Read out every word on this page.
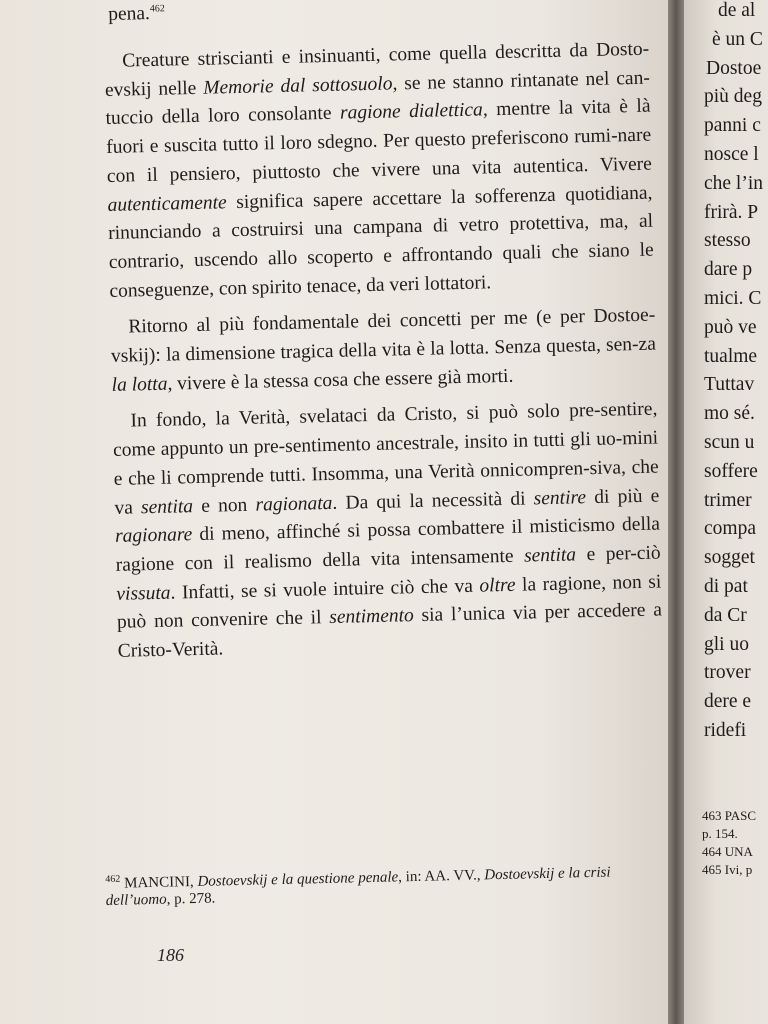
pena.$^{462}$

Creature striscianti e insinuanti, come quella descritta da Dosto-evskij nelle Memorie dal sottosuolo, se ne stanno rintanate nel can-tuccio della loro consolante ragione dialettica, mentre la vita è là fuori e suscita tutto il loro sdegno. Per questo preferiscono rumi-nare con il pensiero, piuttosto che vivere una vita autentica. Vivere autenticamente significa sapere accettare la sofferenza quotidiana, rinunciando a costruirsi una campana di vetro protettiva, ma, al contrario, uscendo allo scoperto e affrontando quali che siano le conseguenze, con spirito tenace, da veri lottatori.

Ritorno al più fondamentale dei concetti per me (e per Dostoe-vskij): la dimensione tragica della vita è la lotta. Senza questa, sen-za la lotta, vivere è la stessa cosa che essere già morti.

In fondo, la Verità, svelataci da Cristo, si può solo pre-sentire, come appunto un pre-sentimento ancestrale, insito in tutti gli uo-mini e che li comprende tutti. Insomma, una Verità onnicompren-siva, che va sentita e non ragionata. Da qui la necessità di sentire di più e ragionare di meno, affinché si possa combattere il misticismo della ragione con il realismo della vita intensamente sentita e per-ciò vissuta. Infatti, se si vuole intuire ciò che va oltre la ragione, non si può non convenire che il sentimento sia l’unica via per accedere a Cristo-Verità.

$^{462}$ MANCINI, Dostoevskij e la questione penale, in: AA. VV., Dostoevskij e la crisi dell’uomo, p. 278.
186
de al
è un C
Dostoe
più deg
panni c
nosce l
che l’in
frirà. P
stesso
dare p
mici. C
può ve
tualme
Tuttav
mo sé.
scun u
soffere
trimer
compa
sogget
di pat
da Cr
gli uo
trover
dere e
ridefi
463 PASC
p. 154.
464 UNA
465 Ivi, p
